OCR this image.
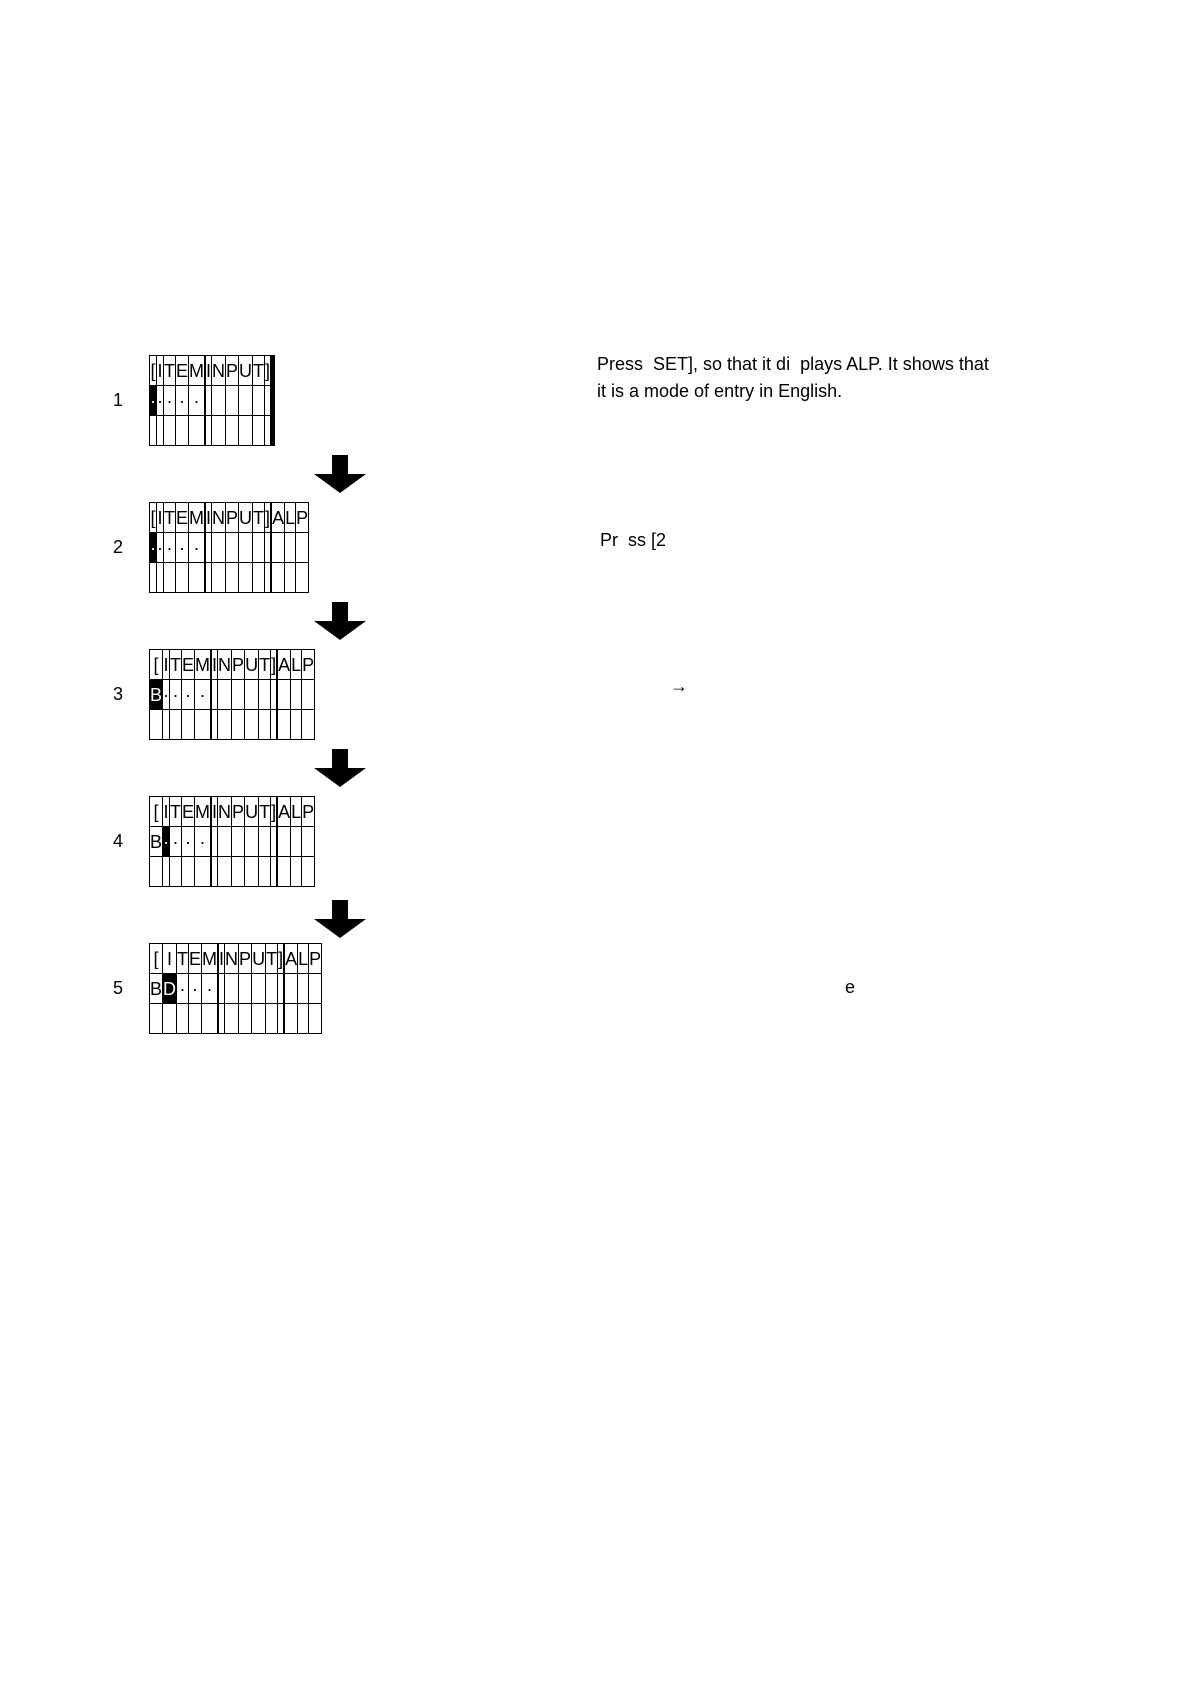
1
[	I	T	E	M		I	N	P	U	T	]				
·	·	·	·	·											

2
[	I	T	E	M		I	N	P	U	T	]		A	L	P
·	·	·	·	·											

3
[	I	T	E	M		I	N	P	U	T	]		A	L	P
B	·	·	·	·											

4
[	I	T	E	M		I	N	P	U	T	]		A	L	P
B	·	·	·	·											

5
[	I	T	E	M		I	N	P	U	T	]		A	L	P
B	D	·	·	·											

Press  SET], so that it di  plays ALP. It shows that
it is a mode of entry in English.
Pr  ss [2
→
e
